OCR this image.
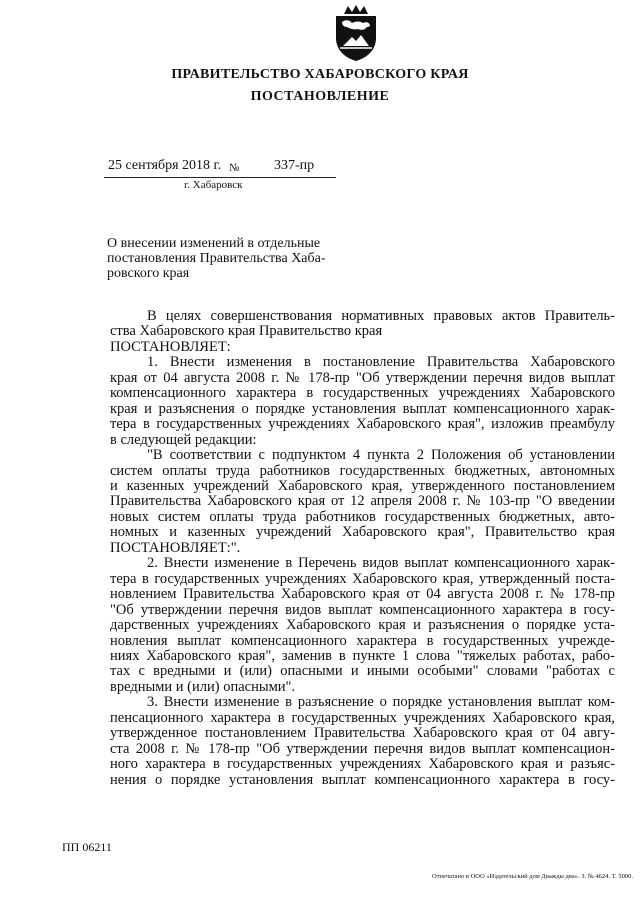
ПРАВИТЕЛЬСТВО ХАБАРОВСКОГО КРАЯ
ПОСТАНОВЛЕНИЕ
25 сентября 2018 г. № 337-пр
г. Хабаровск
О внесении изменений в отдельные
постановления Правительства Хаба-
ровского края
В целях совершенствования нормативных правовых актов Правитель-
ства Хабаровского края Правительство края
ПОСТАНОВЛЯЕТ:
1. Внести изменения в постановление Правительства Хабаровского
края от 04 августа 2008 г. № 178-пр "Об утверждении перечня видов выплат
компенсационного характера в государственных учреждениях Хабаровского
края и разъяснения о порядке установления выплат компенсационного харак-
тера в государственных учреждениях Хабаровского края", изложив преамбулу
в следующей редакции:
"В соответствии с подпунктом 4 пункта 2 Положения об установлении
систем оплаты труда работников государственных бюджетных, автономных
и казенных учреждений Хабаровского края, утвержденного постановлением
Правительства Хабаровского края от 12 апреля 2008 г. № 103-пр "О введении
новых систем оплаты труда работников государственных бюджетных, авто-
номных и казенных учреждений Хабаровского края", Правительство края
ПОСТАНОВЛЯЕТ:".
2. Внести изменение в Перечень видов выплат компенсационного харак-
тера в государственных учреждениях Хабаровского края, утвержденный поста-
новлением Правительства Хабаровского края от 04 августа 2008 г. № 178-пр
"Об утверждении перечня видов выплат компенсационного характера в госу-
дарственных учреждениях Хабаровского края и разъяснения о порядке уста-
новления выплат компенсационного характера в государственных учрежде-
ниях Хабаровского края", заменив в пункте 1 слова "тяжелых работах, рабо-
тах с вредными и (или) опасными и иными особыми" словами "работах с
вредными и (или) опасными".
3. Внести изменение в разъяснение о порядке установления выплат ком-
пенсационного характера в государственных учреждениях Хабаровского края,
утвержденное постановлением Правительства Хабаровского края от 04 авгу-
ста 2008 г. № 178-пр "Об утверждении перечня видов выплат компенсацион-
ного характера в государственных учреждениях Хабаровского края и разъяс-
нения о порядке установления выплат компенсационного характера в госу-
ПП 06211
Отпечатано в ООО «Издательский дом Дважды два». З. № 4624. Т. 5000.
